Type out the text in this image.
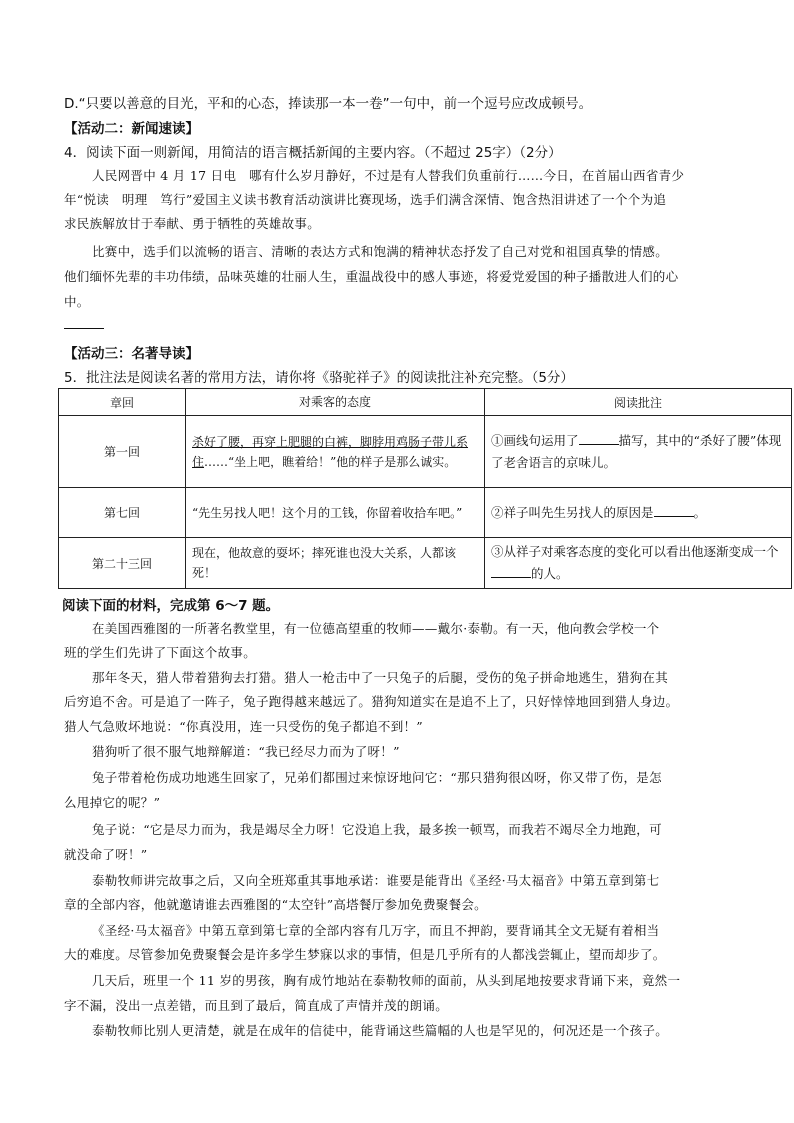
D.“只要以善意的目光，平和的心态，捧读那一本一卷”一句中，前一个逗号应改成顿号。
【活动二：新闻速读】
4．阅读下面一则新闻，用简洁的语言概括新闻的主要内容。（不超过 25字）（2分）
人民网晋中 4 月 17 日电　哪有什么岁月静好，不过是有人替我们负重前行……今日，在首届山西省青少
年“悦读　明理　笃行”爱国主义读书教育活动演讲比赛现场，选手们满含深情、饱含热泪讲述了一个个为追
求民族解放甘于奉献、勇于牺牲的英雄故事。
比赛中，选手们以流畅的语言、清晰的表达方式和饱满的精神状态抒发了自己对党和祖国真挚的情感。
他们缅怀先辈的丰功伟绩，品味英雄的壮丽人生，重温战役中的感人事迹，将爱党爱国的种子播散进人们的心
中。
【活动三：名著导读】
5．批注法是阅读名著的常用方法，请你将《骆驼祥子》的阅读批注补充完整。（5分）
章回	对乘客的态度	阅读批注
第一回	杀好了腰，再穿上肥腿的白裤，脚脖用鸡肠子带儿系住……“坐上吧，瞧着给！”他的样子是那么诚实。	①画线句运用了 描写，其中的“杀好了腰”体现了老舍语言的京味儿。
第七回	“先生另找人吧！这个月的工钱，你留着收拾车吧。”	②祥子叫先生另找人的原因是 。
第二十三回	现在，他故意的耍坏；摔死谁也没大关系，人都该死！	③从祥子对乘客态度的变化可以看出他逐渐变成一个的人。
阅读下面的材料，完成第 6～7 题。
在美国西雅图的一所著名教堂里，有一位德高望重的牧师——戴尔·泰勒。有一天，他向教会学校一个
班的学生们先讲了下面这个故事。
那年冬天，猎人带着猎狗去打猎。猎人一枪击中了一只兔子的后腿，受伤的兔子拼命地逃生，猎狗在其
后穷追不舍。可是追了一阵子，兔子跑得越来越远了。猎狗知道实在是追不上了，只好悻悻地回到猎人身边。
猎人气急败坏地说：“你真没用，连一只受伤的兔子都追不到！”
猎狗听了很不服气地辩解道：“我已经尽力而为了呀！”
兔子带着枪伤成功地逃生回家了，兄弟们都围过来惊讶地问它：“那只猎狗很凶呀，你又带了伤，是怎
么甩掉它的呢？”
兔子说：“它是尽力而为，我是竭尽全力呀！它没追上我，最多挨一顿骂，而我若不竭尽全力地跑，可
就没命了呀！”
泰勒牧师讲完故事之后，又向全班郑重其事地承诺：谁要是能背出《圣经·马太福音》中第五章到第七
章的全部内容，他就邀请谁去西雅图的“太空针”高塔餐厅参加免费聚餐会。
《圣经·马太福音》中第五章到第七章的全部内容有几万字，而且不押韵，要背诵其全文无疑有着相当
大的难度。尽管参加免费聚餐会是许多学生梦寐以求的事情，但是几乎所有的人都浅尝辄止，望而却步了。
几天后，班里一个 11 岁的男孩，胸有成竹地站在泰勒牧师的面前，从头到尾地按要求背诵下来，竟然一
字不漏，没出一点差错，而且到了最后，简直成了声情并茂的朗诵。
泰勒牧师比别人更清楚，就是在成年的信徒中，能背诵这些篇幅的人也是罕见的，何况还是一个孩子。
